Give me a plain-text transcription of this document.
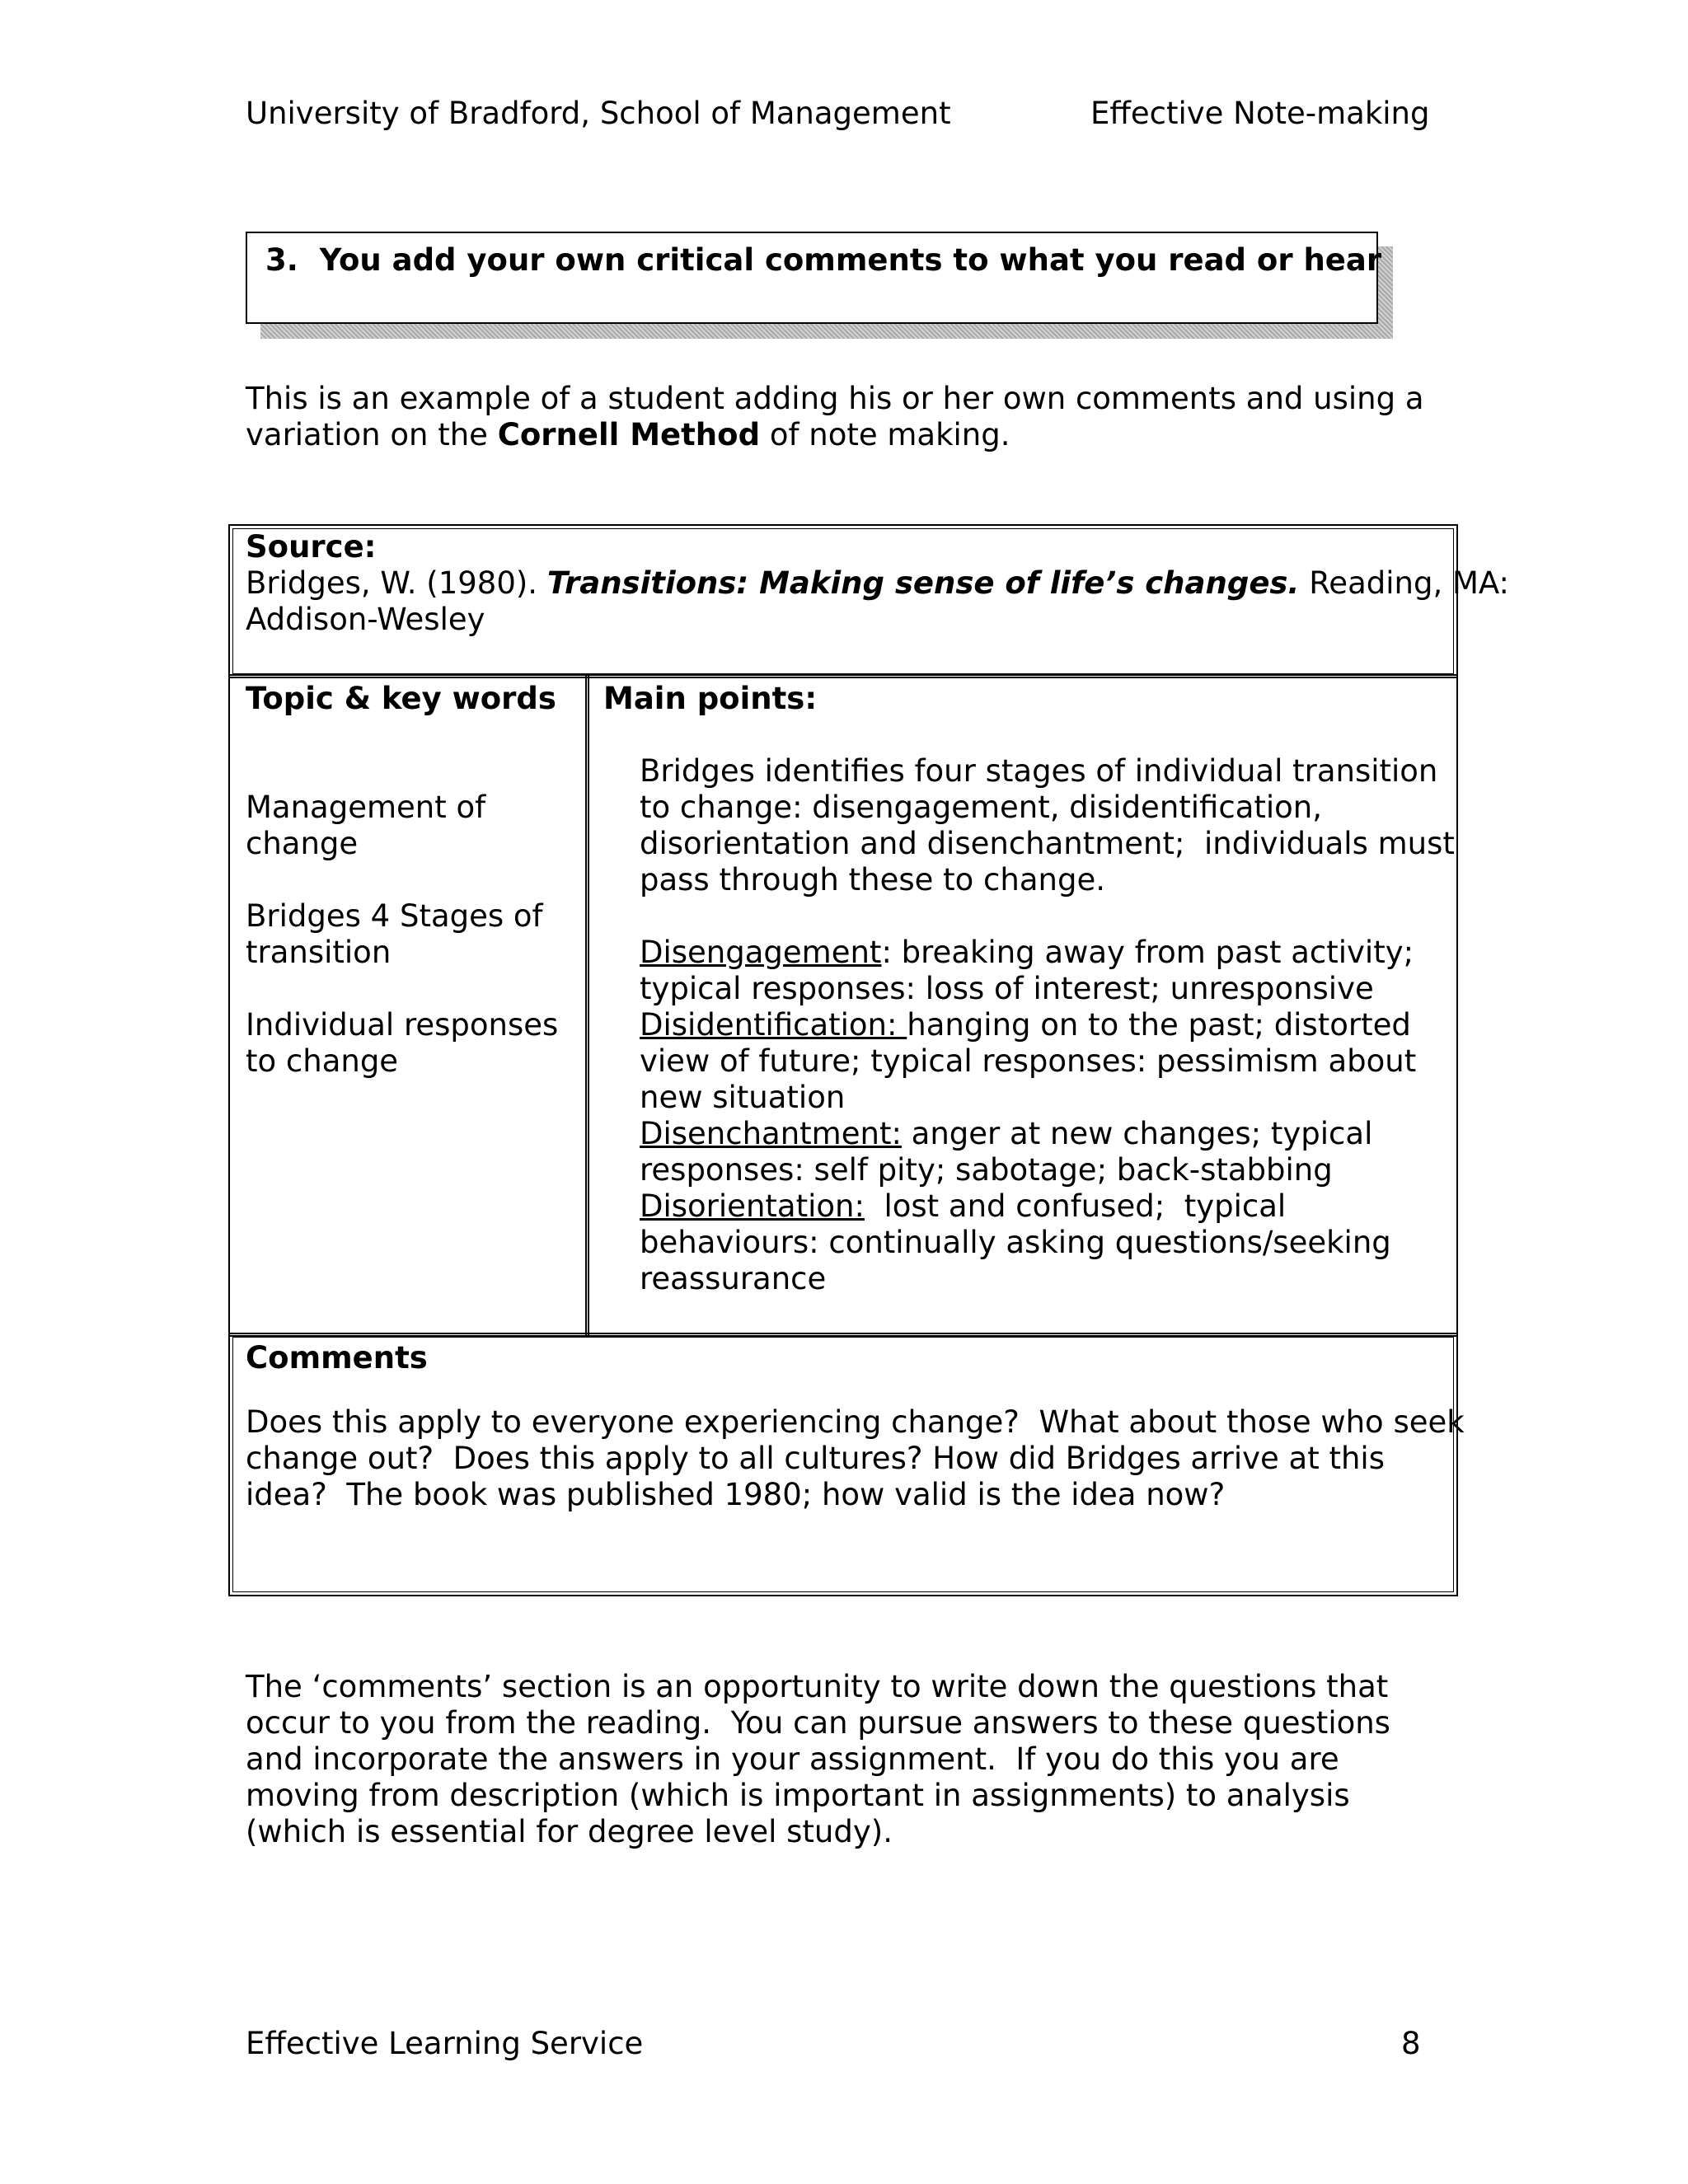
University of Bradford, School of Management	Effective Note-making
3.  You add your own critical comments to what you read or hear
This is an example of a student adding his or her own comments and using a
variation on the Cornell Method of note making.
Source:
Bridges, W. (1980). Transitions: Making sense of life’s changes. Reading, MA:
Addison-Wesley
Topic & key words
Management of
change
Bridges 4 Stages of
transition
Individual responses
to change
Main points:
Bridges identifies four stages of individual transition
to change: disengagement, disidentification,
disorientation and disenchantment;  individuals must
pass through these to change.
Disengagement: breaking away from past activity;
typical responses: loss of interest; unresponsive
Disidentification: hanging on to the past; distorted
view of future; typical responses: pessimism about
new situation
Disenchantment: anger at new changes; typical
responses: self pity; sabotage; back-stabbing
Disorientation:  lost and confused;  typical
behaviours: continually asking questions/seeking
reassurance
Comments
Does this apply to everyone experiencing change?  What about those who seek
change out?  Does this apply to all cultures? How did Bridges arrive at this
idea?  The book was published 1980; how valid is the idea now?
The ‘comments’ section is an opportunity to write down the questions that
occur to you from the reading.  You can pursue answers to these questions
and incorporate the answers in your assignment.  If you do this you are
moving from description (which is important in assignments) to analysis
(which is essential for degree level study).
Effective Learning Service	8
